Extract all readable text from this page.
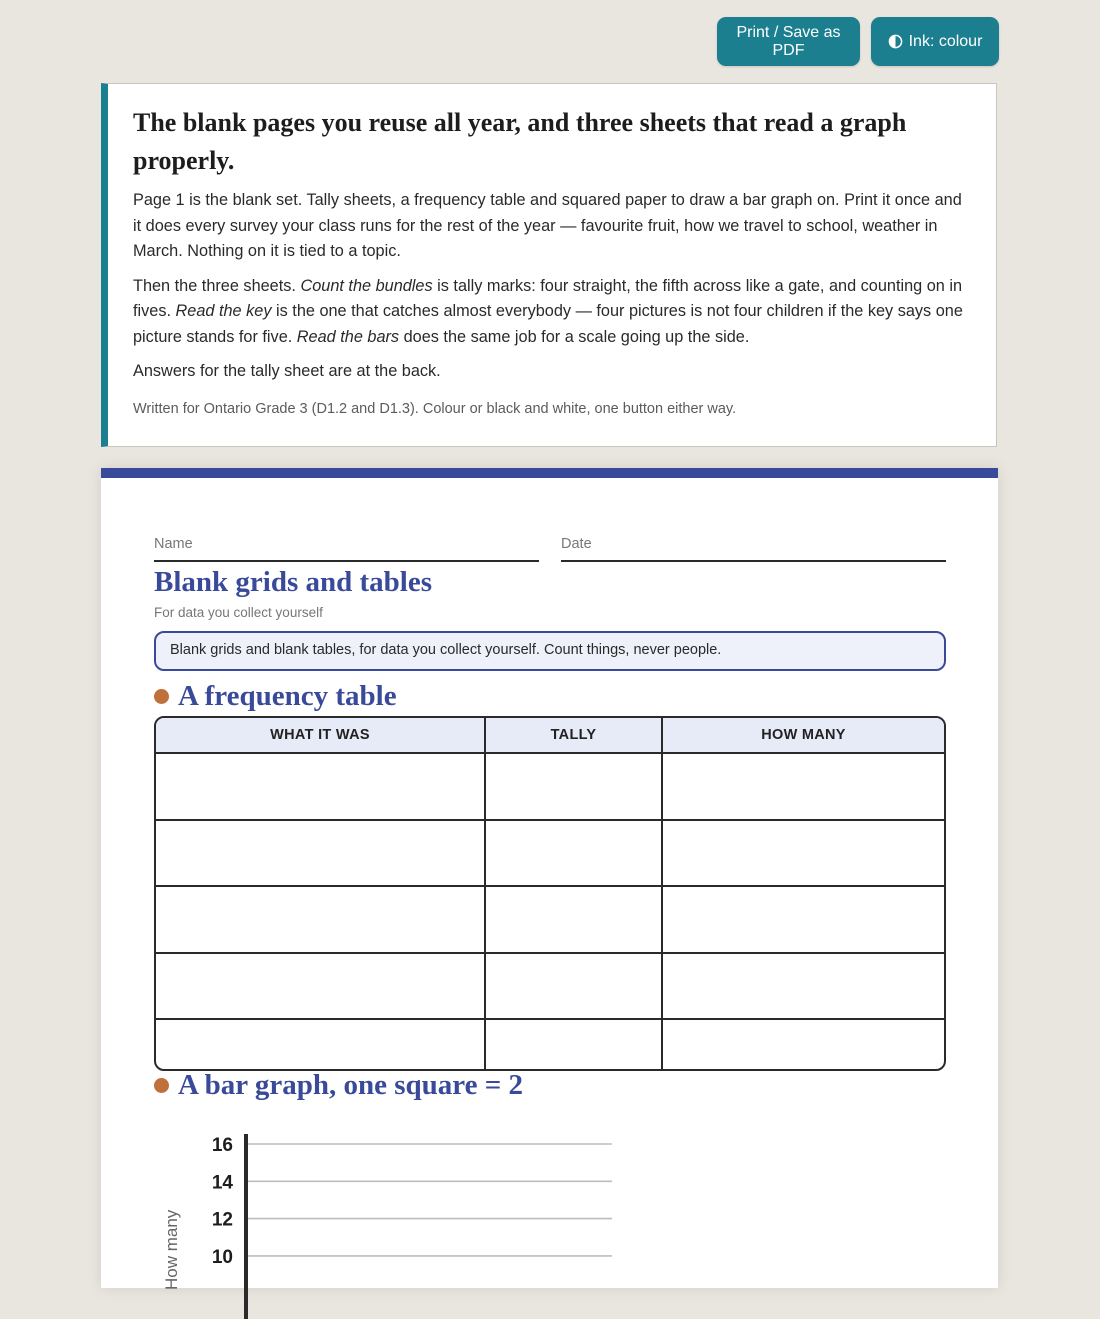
Print / Save as PDF
Ink: colour
The blank pages you reuse all year, and three sheets that read a graph properly.

Page 1 is the blank set. Tally sheets, a frequency table and squared paper to draw a bar graph on. Print it once and it does every survey your class runs for the rest of the year — favourite fruit, how we travel to school, weather in March. Nothing on it is tied to a topic.

Then the three sheets. Count the bundles is tally marks: four straight, the fifth across like a gate, and counting on in fives. Read the key is the one that catches almost everybody — four pictures is not four children if the key says one picture stands for five. Read the bars does the same job for a scale going up the side.

Answers for the tally sheet are at the back.

Written for Ontario Grade 3 (D1.2 and D1.3). Colour or black and white, one button either way.

Name	Date
Blank grids and tables
For data you collect yourself
Blank grids and blank tables, for data you collect yourself. Count things, never people.
A frequency table
WHAT IT WAS	TALLY	HOW MANY

A bar graph, one square = 2
How many
16
14
12
10
